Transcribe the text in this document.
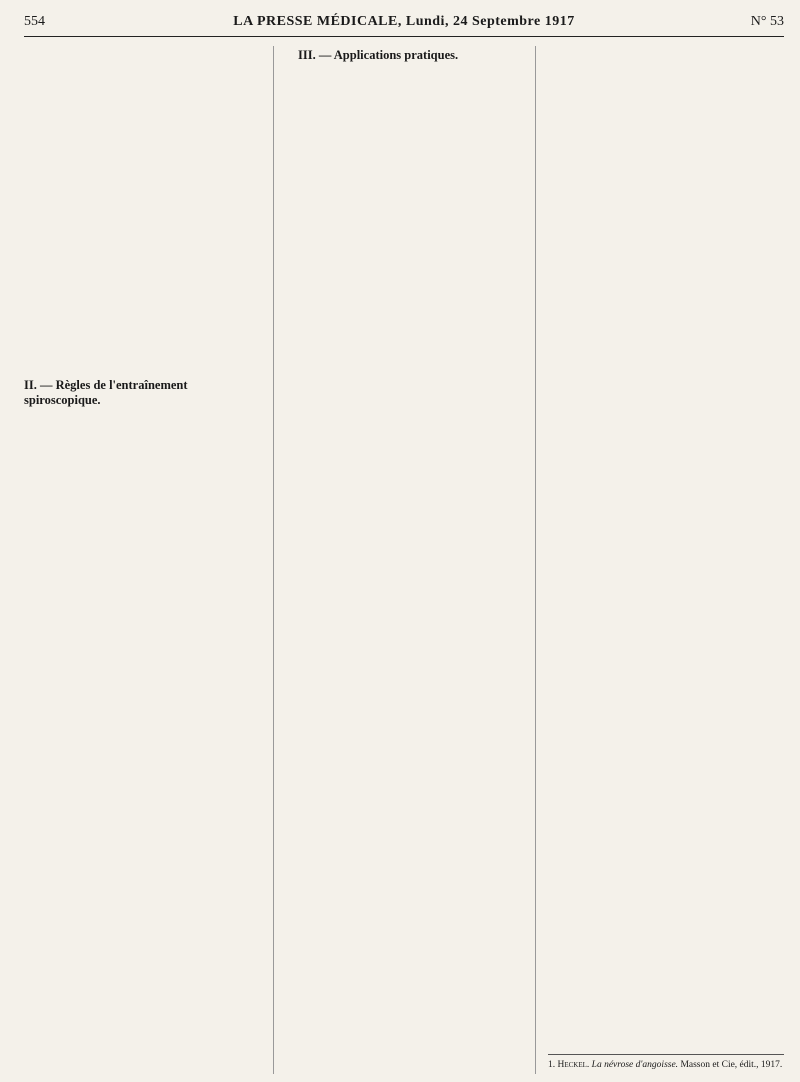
554	LA PRESSE MÉDICALE, Lundi, 24 Septembre 1917	N° 53
II. — Règles de l'entraînement spiroscopique.
III. — Applications pratiques.
1. Heckel. La névrose d'angoisse. Masson et Cie, édit., 1917.
